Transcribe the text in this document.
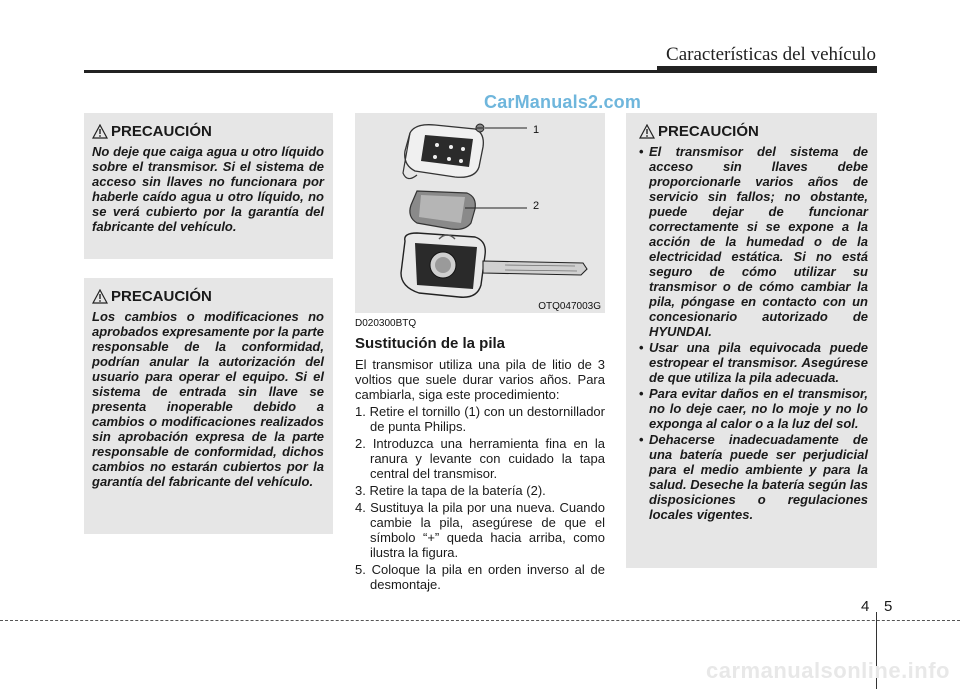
Características del vehículo
CarManuals2.com
PRECAUCIÓN
No deje que caiga agua u otro líquido sobre el transmisor. Si el sistema de acceso sin llaves no funcionara por haberle caído agua u otro líquido, no se verá cubierto por la garantía del fabricante del vehículo.
PRECAUCIÓN
Los cambios o modificaciones no aprobados expresamente por la parte responsable de la conformidad, podrían anular la autorización del usuario para operar el equipo. Si el sistema de entrada sin llave se presenta inoperable debido a cambios o modificaciones realizados sin aprobación expresa de la parte responsable de conformidad, dichos cambios no estarán cubiertos por la garantía del fabricante del vehículo.
1
2
OTQ047003G
D020300BTQ
Sustitución de la pila
El transmisor utiliza una pila de litio de 3 voltios que suele durar varios años. Para cambiarla, siga este procedimiento:
1. Retire el tornillo (1) con un destornillador de punta Philips.
2. Introduzca una herramienta fina en la ranura y levante con cuidado la tapa central del transmisor.
3. Retire la tapa de la batería (2).
4. Sustituya la pila por una nueva. Cuando cambie la pila, asegúrese de que el símbolo “+” queda hacia arriba, como ilustra la figura.
5. Coloque la pila en orden inverso al de desmontaje.
PRECAUCIÓN
• El transmisor del sistema de acceso sin llaves debe proporcionarle varios años de servicio sin fallos; no obstante, puede dejar de funcionar correctamente si se expone a la acción de la humedad o de la electricidad estática. Si no está seguro de cómo utilizar su transmisor o de cómo cambiar la pila, póngase en contacto con un concesionario autorizado de HYUNDAI.
• Usar una pila equivocada puede estropear el transmisor. Asegúrese de que utiliza la pila adecuada.
• Para evitar daños en el transmisor, no lo deje caer, no lo moje y no lo exponga al calor o a la luz del sol.
• Dehacerse inadecuadamente de una batería puede ser perjudicial para el medio ambiente y para la salud. Deseche la batería según las disposiciones o regulaciones locales vigentes.
4 5
carmanualsonline.info
